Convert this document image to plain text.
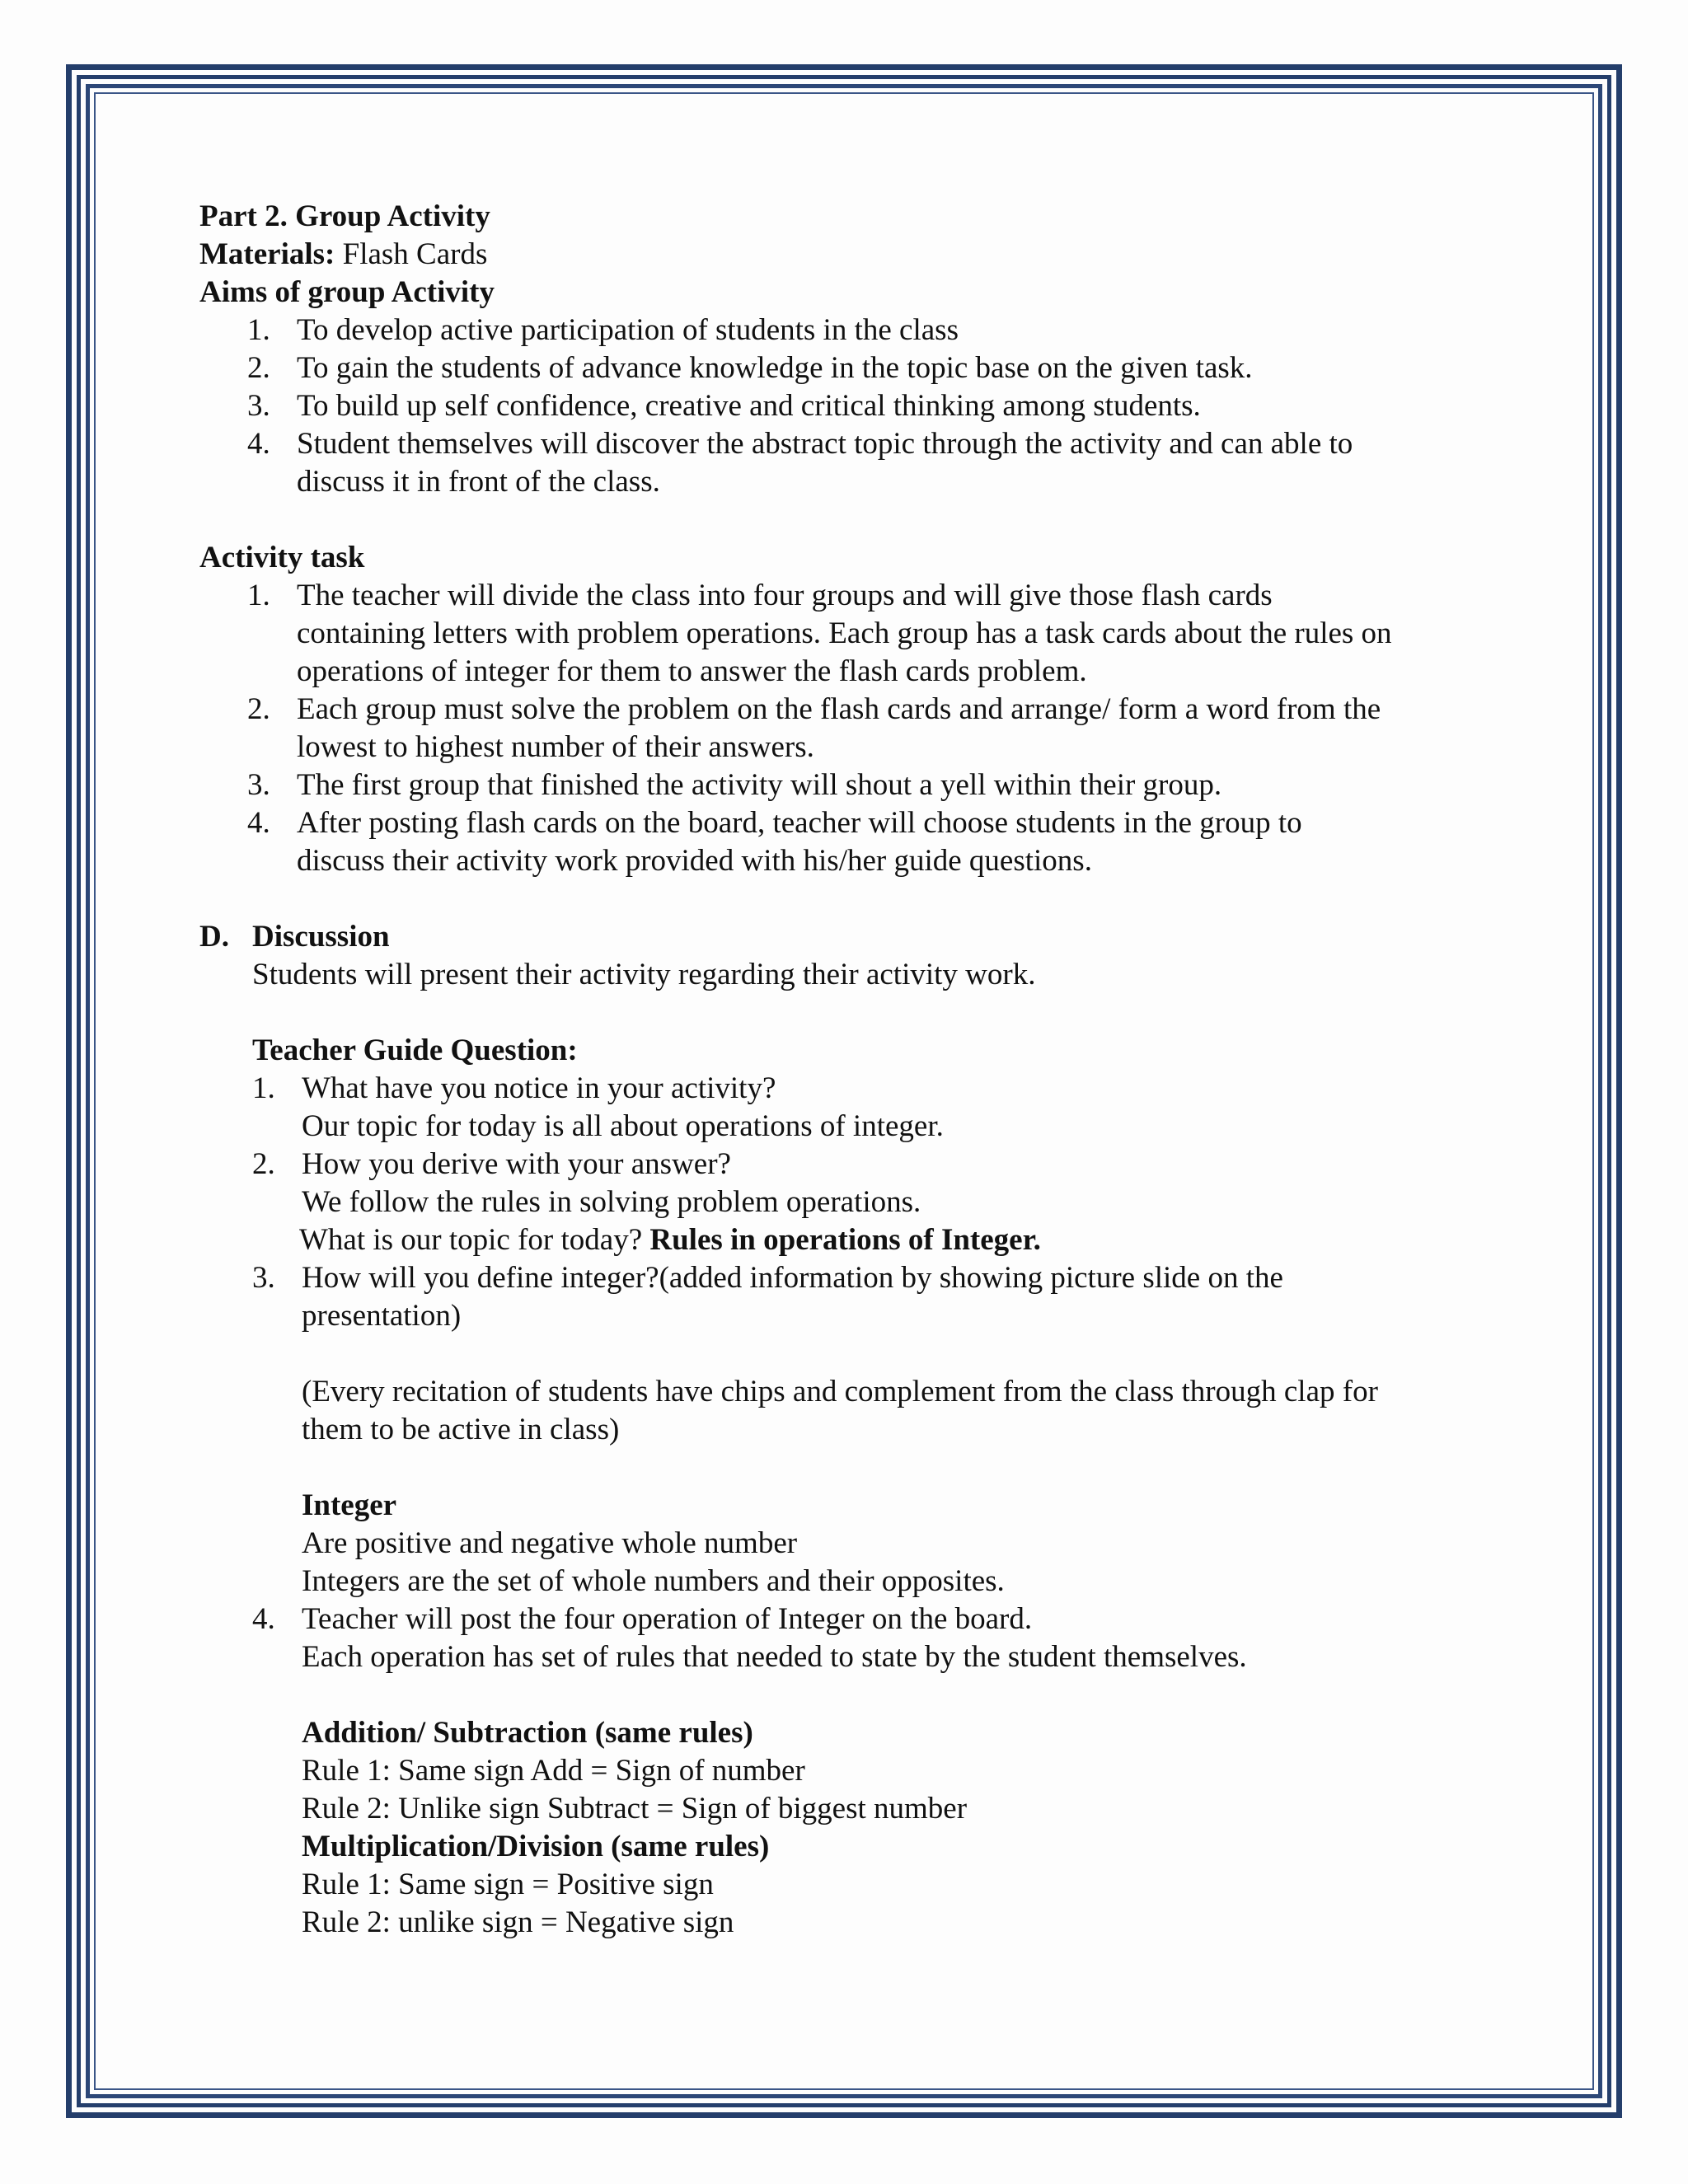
Part 2. Group Activity
Materials: Flash Cards
Aims of group Activity
1. To develop active participation of students in the class
2. To gain the students of advance knowledge in the topic base on the given task.
3. To build up self confidence, creative and critical thinking among students.
4. Student themselves will discover the abstract topic through the activity and can able to
discuss it in front of the class.
Activity task
1. The teacher will divide the class into four groups and will give those flash cards
containing letters with problem operations. Each group has a task cards about the rules on
operations of integer for them to answer the flash cards problem.
2. Each group must solve the problem on the flash cards and arrange/ form a word from the
lowest to highest number of their answers.
3. The first group that finished the activity will shout a yell within their group.
4. After posting flash cards on the board, teacher will choose students in the group to
discuss their activity work provided with his/her guide questions.
D. Discussion
Students will present their activity regarding their activity work.
Teacher Guide Question:
1. What have you notice in your activity?
Our topic for today is all about operations of integer.
2. How you derive with your answer?
We follow the rules in solving problem operations.
What is our topic for today? Rules in operations of Integer.
3. How will you define integer?(added information by showing picture slide on the
presentation)
(Every recitation of students have chips and complement from the class through clap for
them to be active in class)
Integer
Are positive and negative whole number
Integers are the set of whole numbers and their opposites.
4. Teacher will post the four operation of Integer on the board.
Each operation has set of rules that needed to state by the student themselves.
Addition/ Subtraction (same rules)
Rule 1: Same sign Add = Sign of number
Rule 2: Unlike sign Subtract = Sign of biggest number
Multiplication/Division (same rules)
Rule 1: Same sign = Positive sign
Rule 2: unlike sign = Negative sign
